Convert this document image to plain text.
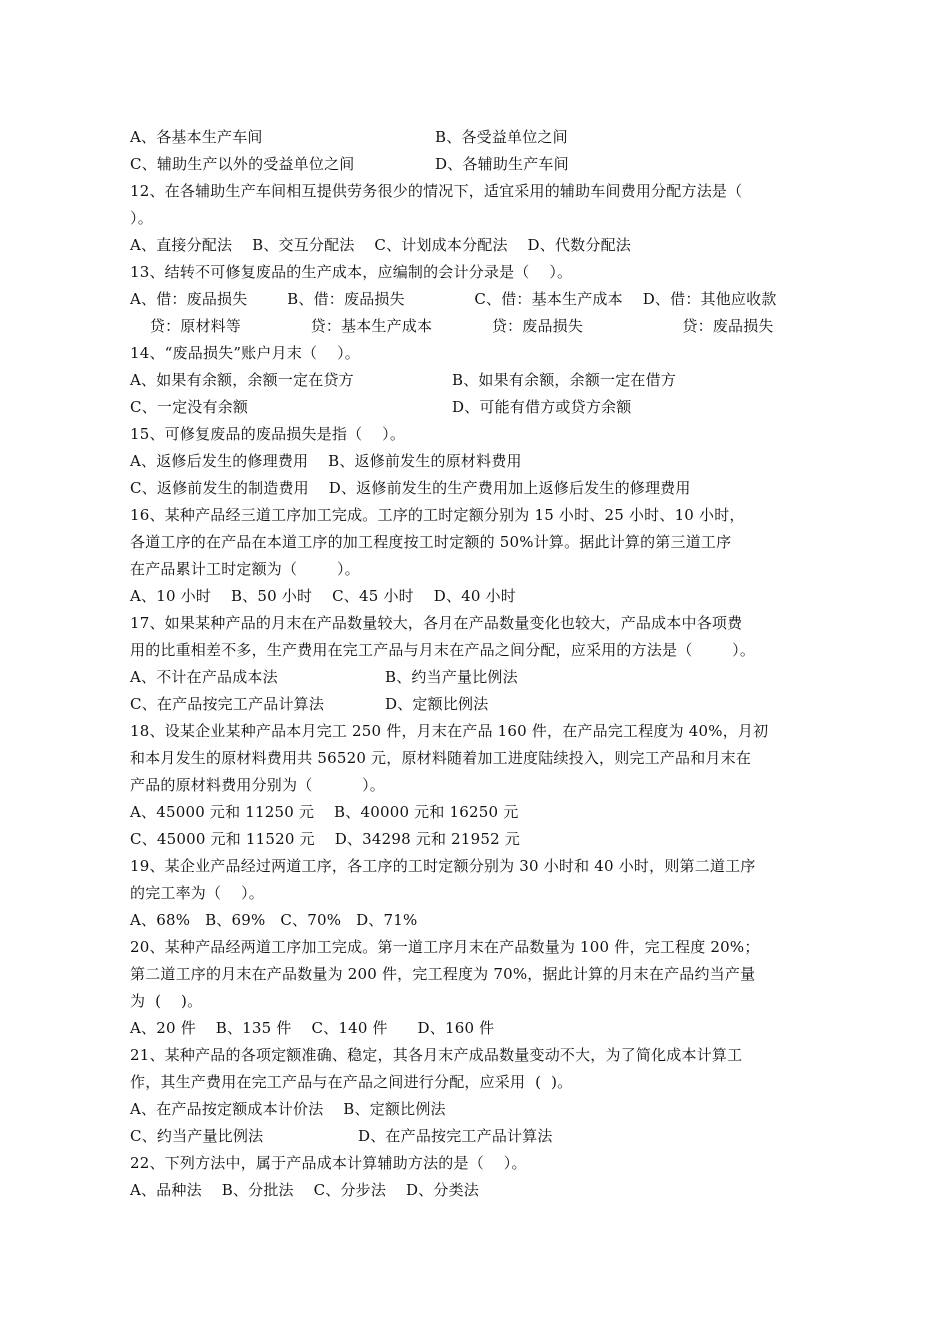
A、各基本生产车间	B、各受益单位之间
C、辅助生产以外的受益单位之间	D、各辅助生产车间
12、在各辅助生产车间相互提供劳务很少的情况下，适宜采用的辅助车间费用分配方法是（
）。
A、直接分配法    B、交互分配法    C、计划成本分配法    D、代数分配法
13、结转不可修复废品的生产成本，应编制的会计分录是（    ）。
A、借：废品损失        B、借：废品损失              C、借：基本生产成本    D、借：其他应收款
贷：原材料等              贷：基本生产成本            贷：废品损失                    贷：废品损失
14、“废品损失”账户月末（    ）。
A、如果有余额，余额一定在贷方	B、如果有余额，余额一定在借方
C、一定没有余额	D、可能有借方或贷方余额
15、可修复废品的废品损失是指（    ）。
A、返修后发生的修理费用    B、返修前发生的原材料费用
C、返修前发生的制造费用    D、返修前发生的生产费用加上返修后发生的修理费用
16、某种产品经三道工序加工完成。工序的工时定额分别为 15 小时、25 小时、10 小时，
各道工序的在产品在本道工序的加工程度按工时定额的 50%计算。据此计算的第三道工序
在产品累计工时定额为（        ）。
A、10 小时    B、50 小时    C、45 小时    D、40 小时
17、如果某种产品的月末在产品数量较大，各月在产品数量变化也较大，产品成本中各项费
用的比重相差不多，生产费用在完工产品与月末在产品之间分配，应采用的方法是（        ）。
A、不计在产品成本法	B、约当产量比例法
C、在产品按完工产品计算法	D、定额比例法
18、设某企业某种产品本月完工 250 件，月末在产品 160 件，在产品完工程度为 40%，月初
和本月发生的原材料费用共 56520 元，原材料随着加工进度陆续投入，则完工产品和月末在
产品的原材料费用分别为（          ）。
A、45000 元和 11250 元    B、40000 元和 16250 元
C、45000 元和 11520 元    D、34298 元和 21952 元
19、某企业产品经过两道工序，各工序的工时定额分别为 30 小时和 40 小时，则第二道工序
的完工率为（    ）。
A、68%   B、69%   C、70%   D、71%
20、某种产品经两道工序加工完成。第一道工序月末在产品数量为 100 件，完工程度 20%；
第二道工序的月末在产品数量为 200 件，完工程度为 70%，据此计算的月末在产品约当产量
为  (    )。
A、20 件    B、135 件    C、140 件      D、160 件
21、某种产品的各项定额准确、稳定，其各月末产成品数量变动不大，为了简化成本计算工
作，其生产费用在完工产品与在产品之间进行分配，应采用  (  )。
A、在产品按定额成本计价法    B、定额比例法
C、约当产量比例法	D、在产品按完工产品计算法
22、下列方法中，属于产品成本计算辅助方法的是（    ）。
A、品种法    B、分批法    C、分步法    D、分类法
